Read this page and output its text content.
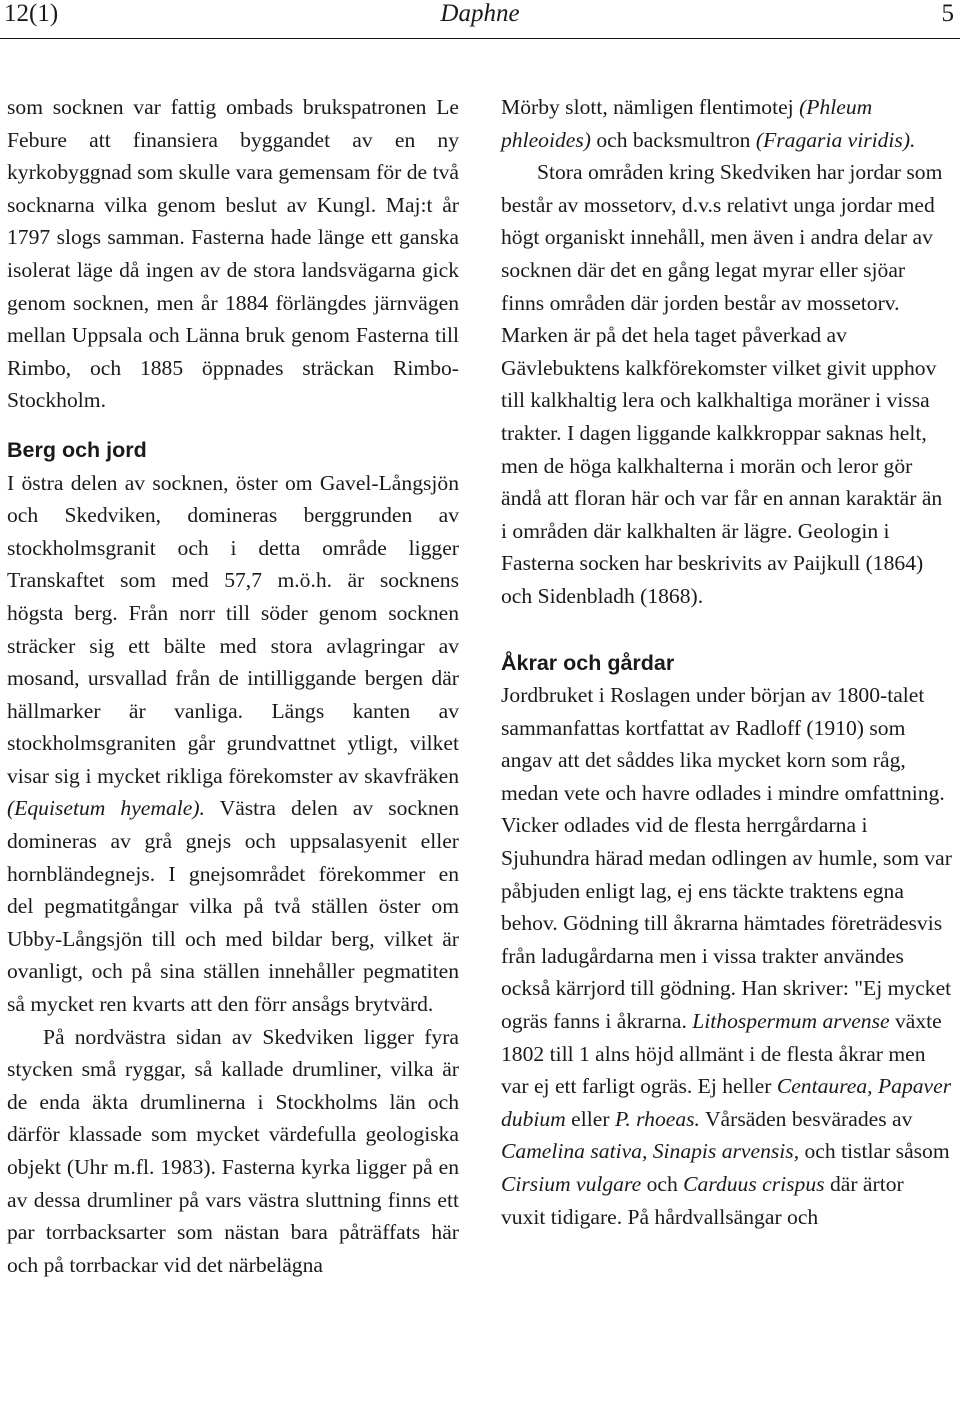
12(1)	Daphne	5

som socknen var fattig ombads brukspatronen Le Febure att finansiera byggandet av en ny kyrkobyggnad som skulle vara gemensam för de två socknarna vilka genom beslut av Kungl. Maj:t år 1797 slogs samman. Fasterna hade länge ett ganska isolerat läge då ingen av de stora landsvägarna gick genom socknen, men år 1884 förlängdes järnvägen mellan Uppsala och Länna bruk genom Fasterna till Rimbo, och 1885 öppnades sträckan Rimbo-Stockholm.

Berg och jord

I östra delen av socknen, öster om Gavel-Långsjön och Skedviken, domineras berggrunden av stockholmsgranit och i detta område ligger Transkaftet som med 57,7 m.ö.h. är socknens högsta berg. Från norr till söder genom socknen sträcker sig ett bälte med stora avlagringar av mosand, ursvallad från de intilliggande bergen där hällmarker är vanliga. Längs kanten av stockholmsgraniten går grundvattnet ytligt, vilket visar sig i mycket rikliga förekomster av skavfräken (Equisetum hyemale). Västra delen av socknen domineras av grå gnejs och uppsalasyenit eller hornbländegnejs. I gnejsområdet förekommer en del pegmatitgångar vilka på två ställen öster om Ubby-Långsjön till och med bildar berg, vilket är ovanligt, och på sina ställen innehåller pegmatiten så mycket ren kvarts att den förr ansågs brytvärd.

På nordvästra sidan av Skedviken ligger fyra stycken små ryggar, så kallade drumliner, vilka är de enda äkta drumlinerna i Stockholms län och därför klassade som mycket värdefulla geologiska objekt (Uhr m.fl. 1983). Fasterna kyrka ligger på en av dessa drumliner på vars västra sluttning finns ett par torrbacksarter som nästan bara påträffats här och på torrbackar vid det närbelägna

Mörby slott, nämligen flentimotej (Phleum phleoides) och backsmultron (Fragaria viridis).

Stora områden kring Skedviken har jordar som består av mossetorv, d.v.s relativt unga jordar med högt organiskt innehåll, men även i andra delar av socknen där det en gång legat myrar eller sjöar finns områden där jorden består av mossetorv. Marken är på det hela taget påverkad av Gävlebuktens kalkförekomster vilket givit upphov till kalkhaltig lera och kalkhaltiga moräner i vissa trakter. I dagen liggande kalkkroppar saknas helt, men de höga kalkhalterna i morän och leror gör ändå att floran här och var får en annan karaktär än i områden där kalkhalten är lägre. Geologin i Fasterna socken har beskrivits av Paijkull (1864) och Sidenbladh (1868).

Åkrar och gårdar

Jordbruket i Roslagen under början av 1800-talet sammanfattas kortfattat av Radloff (1910) som angav att det såddes lika mycket korn som råg, medan vete och havre odlades i mindre omfattning. Vicker odlades vid de flesta herrgårdarna i Sjuhundra härad medan odlingen av humle, som var påbjuden enligt lag, ej ens täckte traktens egna behov. Gödning till åkrarna hämtades företrädesvis från ladugårdarna men i vissa trakter användes också kärrjord till gödning. Han skriver: "Ej mycket ogräs fanns i åkrarna. Lithospermum arvense växte 1802 till 1 alns höjd allmänt i de flesta åkrar men var ej ett farligt ogräs. Ej heller Centaurea, Papaver dubium eller P. rhoeas. Vårsäden besvärades av Camelina sativa, Sinapis arvensis, och tistlar såsom Cirsium vulgare och Carduus crispus där ärtor vuxit tidigare. På hårdvallsängar och
